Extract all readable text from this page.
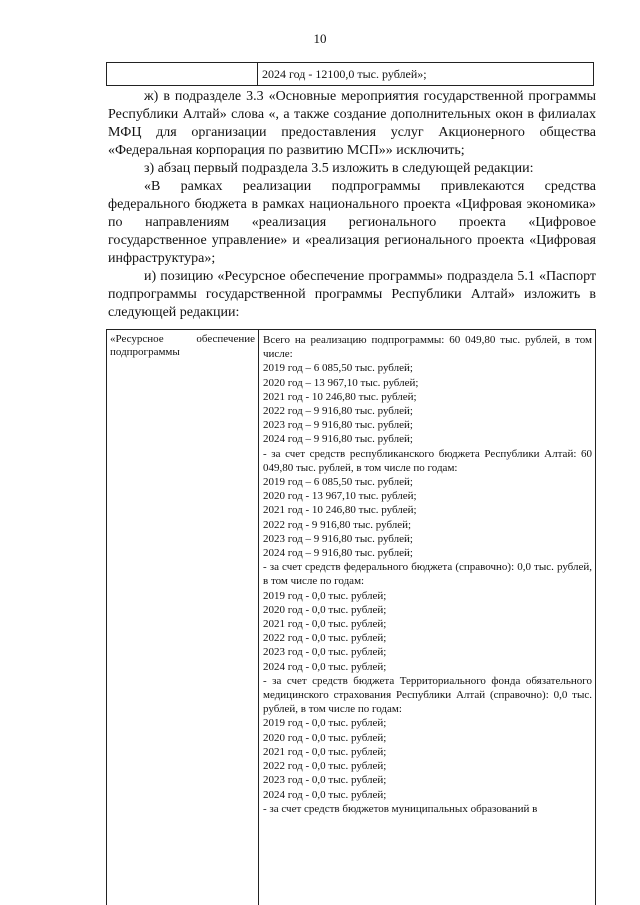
10
2024 год - 12100,0 тыс. рублей»;

ж) в подразделе 3.3 «Основные мероприятия государственной программы Республики Алтай» слова «, а также создание дополнительных окон в филиалах МФЦ для организации предоставления услуг Акционерного общества «Федеральная корпорация по развитию МСП»» исключить;

з) абзац первый подраздела 3.5 изложить в следующей редакции:

«В рамках реализации подпрограммы привлекаются средства федерального бюджета в рамках национального проекта «Цифровая экономика» по направлениям «реализация регионального проекта «Цифровое государственное управление» и «реализация регионального проекта «Цифровая инфраструктура»;

и) позицию «Ресурсное обеспечение программы» подраздела 5.1 «Паспорт подпрограммы государственной программы Республики Алтай» изложить в следующей редакции:

«Ресурсное обеспечение подпрограммы
Всего на реализацию подпрограммы: 60 049,80 тыс. рублей, в том числе:
2019 год – 6 085,50 тыс. рублей;
2020 год – 13 967,10 тыс. рублей;
2021 год - 10 246,80 тыс. рублей;
2022 год – 9 916,80 тыс. рублей;
2023 год – 9 916,80 тыс. рублей;
2024 год – 9 916,80 тыс. рублей;
- за счет средств республиканского бюджета Республики Алтай: 60 049,80 тыс. рублей, в том числе по годам:
2019 год – 6 085,50 тыс. рублей;
2020 год - 13 967,10 тыс. рублей;
2021 год - 10 246,80 тыс. рублей;
2022 год - 9 916,80 тыс. рублей;
2023 год – 9 916,80 тыс. рублей;
2024 год – 9 916,80 тыс. рублей;
- за счет средств федерального бюджета (справочно): 0,0 тыс. рублей, в том числе по годам:
2019 год - 0,0 тыс. рублей;
2020 год - 0,0 тыс. рублей;
2021 год - 0,0 тыс. рублей;
2022 год - 0,0 тыс. рублей;
2023 год - 0,0 тыс. рублей;
2024 год - 0,0 тыс. рублей;
- за счет средств бюджета Территориального фонда обязательного медицинского страхования Республики Алтай (справочно): 0,0 тыс. рублей, в том числе по годам:
2019 год - 0,0 тыс. рублей;
2020 год - 0,0 тыс. рублей;
2021 год - 0,0 тыс. рублей;
2022 год - 0,0 тыс. рублей;
2023 год - 0,0 тыс. рублей;
2024 год - 0,0 тыс. рублей;
- за счет средств бюджетов муниципальных образований в
